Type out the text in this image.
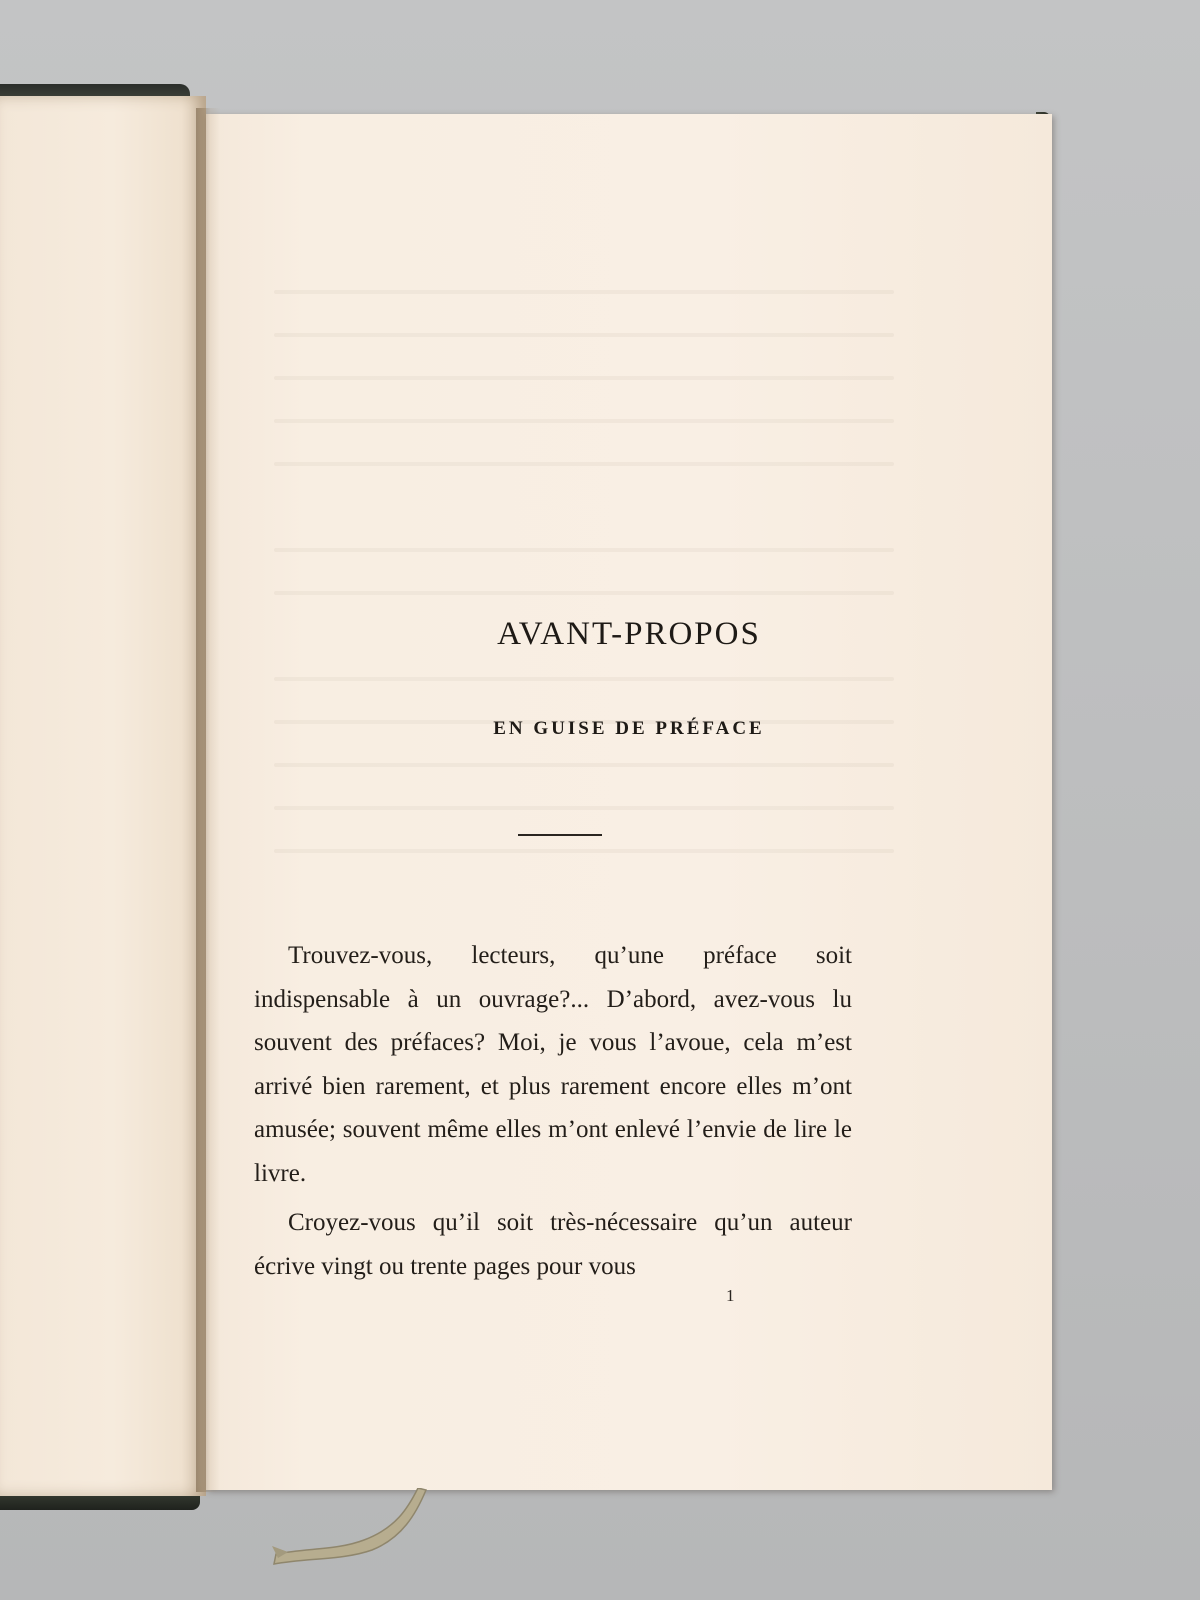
AVANT-PROPOS
EN GUISE DE PRÉFACE

Trouvez-vous, lecteurs, qu’une préface soit indispensable à un ouvrage?... D’abord, avez-vous lu souvent des préfaces? Moi, je vous l’avoue, cela m’est arrivé bien rarement, et plus rarement encore elles m’ont amusée; souvent même elles m’ont enlevé l’envie de lire le livre.

Croyez-vous qu’il soit très-nécessaire qu’un auteur écrive vingt ou trente pages pour vous

1
